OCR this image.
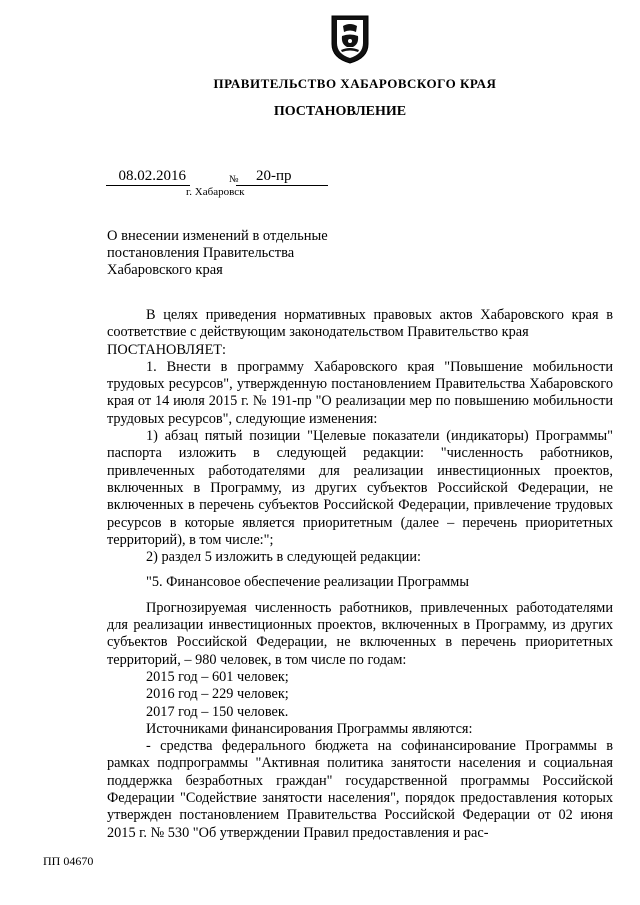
ПРАВИТЕЛЬСТВО ХАБАРОВСКОГО КРАЯ
ПОСТАНОВЛЕНИЕ
08.02.2016	№	20-пр
г. Хабаровск
О внесении изменений в отдельные постановления Правительства Хабаровского края

В целях приведения нормативных правовых актов Хабаровского края в соответствие с действующим законодательством Правительство края

ПОСТАНОВЛЯЕТ:

1. Внести в программу Хабаровского края "Повышение мобильности трудовых ресурсов", утвержденную постановлением Правительства Хабаровского края от 14 июля 2015 г. № 191-пр "О реализации мер по повышению мобильности трудовых ресурсов", следующие изменения:

1) абзац пятый позиции "Целевые показатели (индикаторы) Программы" паспорта изложить в следующей редакции: "численность работников, привлеченных работодателями для реализации инвестиционных проектов, включенных в Программу, из других субъектов Российской Федерации, не включенных в перечень субъектов Российской Федерации, привлечение трудовых ресурсов в которые является приоритетным (далее – перечень приоритетных территорий), в том числе:";

2) раздел 5 изложить в следующей редакции:

"5. Финансовое обеспечение реализации Программы

Прогнозируемая численность работников, привлеченных работодателями для реализации инвестиционных проектов, включенных в Программу, из других субъектов Российской Федерации, не включенных в перечень приоритетных территорий, – 980 человек, в том числе по годам:

2015 год – 601 человек;

2016 год – 229 человек;

2017 год – 150 человек.

Источниками финансирования Программы являются:

- средства федерального бюджета на софинансирование Программы в рамках подпрограммы "Активная политика занятости населения и социальная поддержка безработных граждан" государственной программы Российской Федерации "Содействие занятости населения", порядок предоставления которых утвержден постановлением Правительства Российской Федерации от 02 июня 2015 г. № 530 "Об утверждении Правил предоставления и рас-

ПП 04670
